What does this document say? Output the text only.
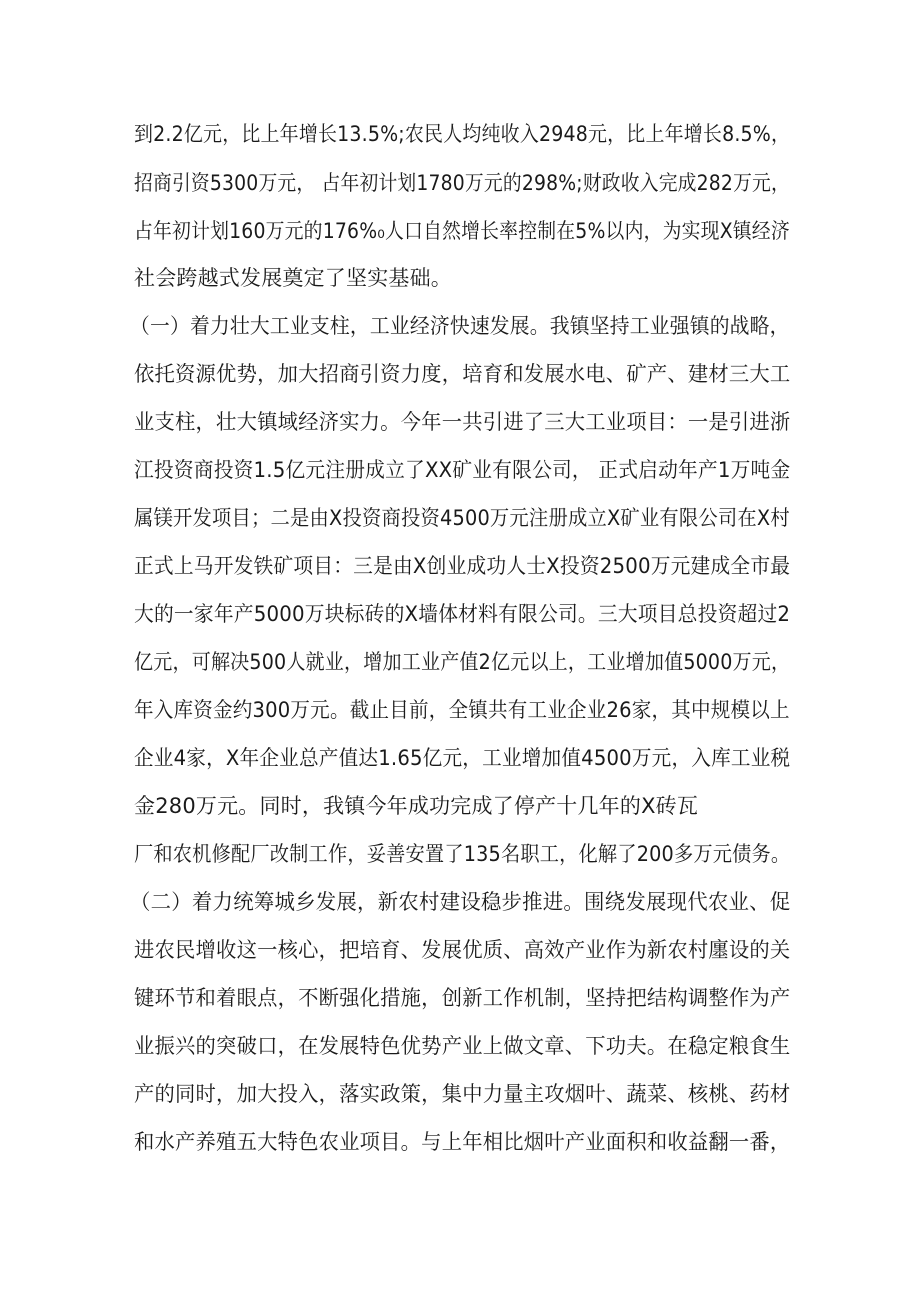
到2.2亿元，比上年增长13.5%;农民人均纯收入2948元，比上年增长8.5%，
招商引资5300万元， 占年初计划1780万元的298%;财政收入完成282万元，
占年初计划160万元的176%₀人口自然增长率控制在5%以内，为实现X镇经济
社会跨越式发展奠定了坚实基础。
（一）着力壮大工业支柱，工业经济快速发展。我镇坚持工业强镇的战略，
依托资源优势，加大招商引资力度，培育和发展水电、矿产、建材三大工
业支柱，壮大镇域经济实力。今年一共引进了三大工业项目：一是引进浙
江投资商投资1.5亿元注册成立了XX矿业有限公司， 正式启动年产1万吨金
属镁开发项目；二是由X投资商投资4500万元注册成立X矿业有限公司在X村
正式上马开发铁矿项目：三是由X创业成功人士X投资2500万元建成全市最
大的一家年产5000万块标砖的X墙体材料有限公司。三大项目总投资超过2
亿元，可解决500人就业，增加工业产值2亿元以上，工业增加值5000万元，
年入库资金约300万元。截止目前，全镇共有工业企业26家，其中规模以上
企业4家，X年企业总产值达1.65亿元，工业增加值4500万元，入库工业税
金280万元。同时，我镇今年成功完成了停产十几年的X砖瓦
厂和农机修配厂改制工作，妥善安置了135名职工，化解了200多万元债务。
（二）着力统筹城乡发展，新农村建设稳步推进。围绕发展现代农业、促
进农民增收这一核心，把培育、发展优质、高效产业作为新农村廛设的关
键环节和着眼点，不断强化措施，创新工作机制，坚持把结构调整作为产
业振兴的突破口，在发展特色优势产业上做文章、下功夫。在稳定粮食生
产的同时，加大投入，落实政策，集中力量主攻烟叶、蔬菜、核桃、药材
和水产养殖五大特色农业项目。与上年相比烟叶产业面积和收益翻一番，
